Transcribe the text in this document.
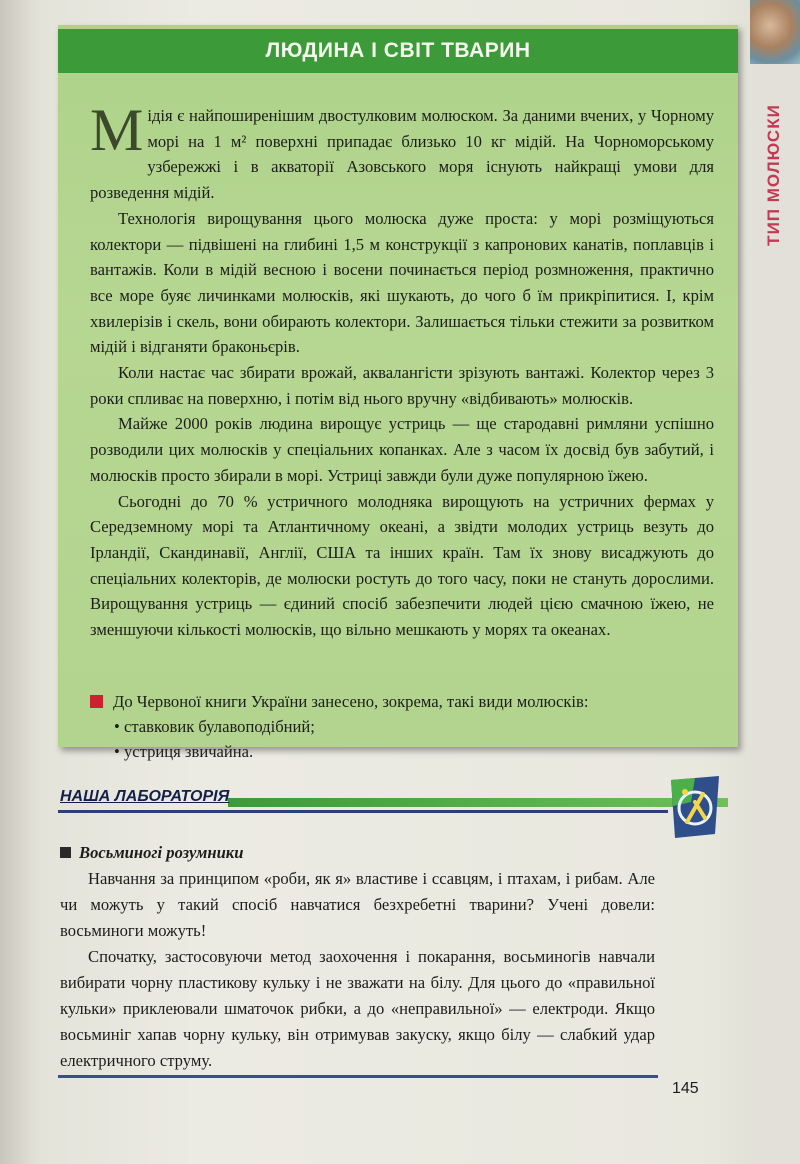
ТИП МОЛЮСКИ
ЛЮДИНА І СВІТ ТВАРИН

Мідія є найпоширенішим двостулковим молюском. За даними вчених, у Чорному морі на 1 м² поверхні припадає близько 10 кг мідій. На Чорноморському узбережжі і в акваторії Азовського моря існують найкращі умови для розведення мідій.

Технологія вирощування цього молюска дуже проста: у морі розміщуються колектори — підвішені на глибині 1,5 м конструкції з капронових канатів, поплавців і вантажів. Коли в мідій весною і восени починається період розмноження, практично все море буяє личинками молюсків, які шукають, до чого б їм прикріпитися. І, крім хвилерізів і скель, вони обирають колектори. Залишається тільки стежити за розвитком мідій і відганяти браконьєрів.

Коли настає час збирати врожай, аквалангісти зрізують вантажі. Колектор через 3 роки спливає на поверхню, і потім від нього вручну «відбивають» молюсків.

Майже 2000 років людина вирощує устриць — ще стародавні римляни успішно розводили цих молюсків у спеціальних копанках. Але з часом їх досвід був забутий, і молюсків просто збирали в морі. Устриці завжди були дуже популярною їжею.

Сьогодні до 70 % устричного молодняка вирощують на устричних фермах у Середземному морі та Атлантичному океані, а звідти молодих устриць везуть до Ірландії, Скандинавії, Англії, США та інших країн. Там їх знову висаджують до спеціальних колекторів, де молюски ростуть до того часу, поки не стануть дорослими. Вирощування устриць — єдиний спосіб забезпечити людей цією смачною їжею, не зменшуючи кількості молюсків, що вільно мешкають у морях та океанах.

До Червоної книги України занесено, зокрема, такі види молюсків:
• ставковик булавоподібний;
• устриця звичайна.
НАША ЛАБОРАТОРІЯ
Восьминогі розумники

Навчання за принципом «роби, як я» властиве і ссавцям, і птахам, і рибам. Але чи можуть у такий спосіб навчатися безхребетні тварини? Учені довели: восьминоги можуть!

Спочатку, застосовуючи метод заохочення і покарання, восьминогів навчали вибирати чорну пластикову кульку і не зважати на білу. Для цього до «правильної кульки» приклеювали шматочок рибки, а до «неправильної» — електроди. Якщо восьминіг хапав чорну кульку, він отримував закуску, якщо білу — слабкий удар електричного струму.

145
